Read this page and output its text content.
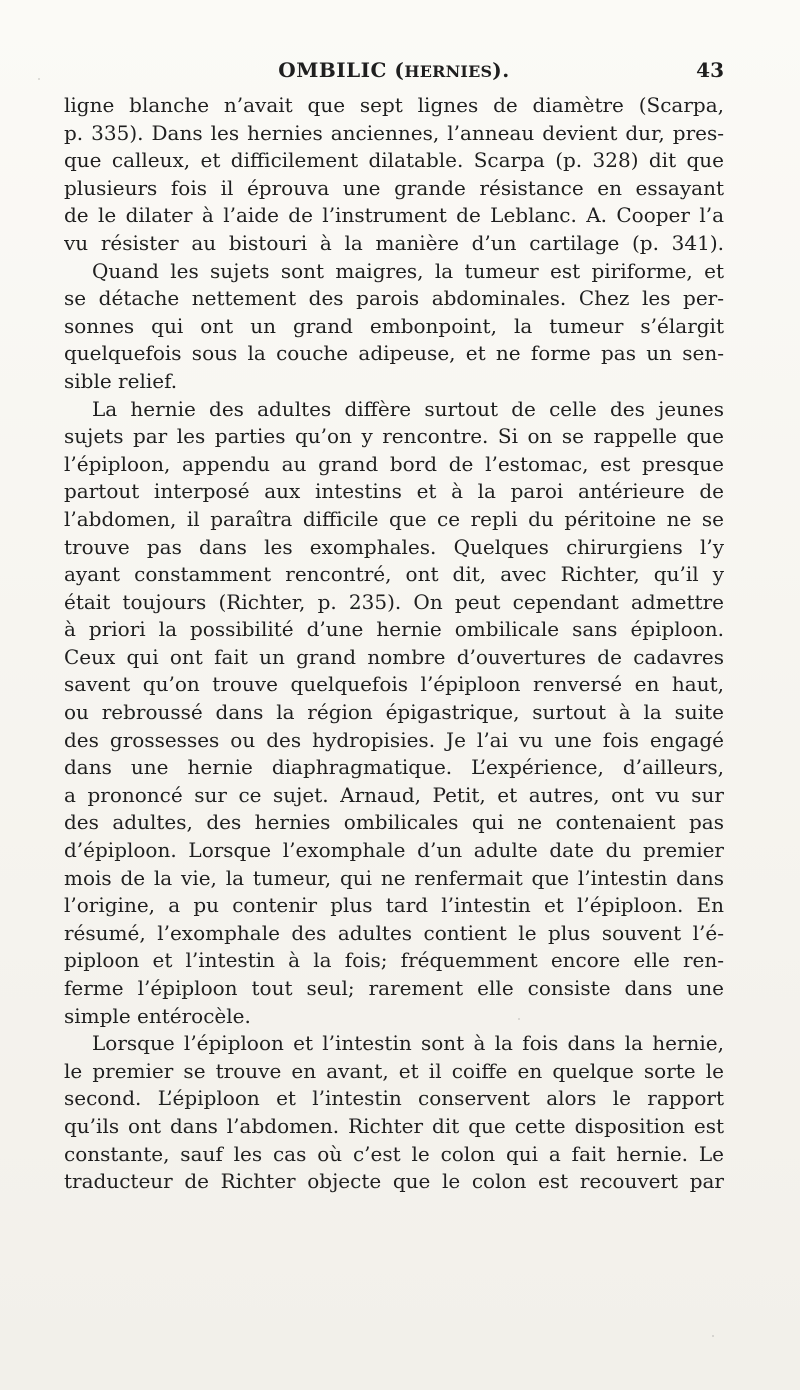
OMBILIC (HERNIES).	43
ligne blanche n’avait que sept lignes de diamètre (Scarpa,
p. 335). Dans les hernies anciennes, l’anneau devient dur, pres-
que calleux, et difficilement dilatable. Scarpa (p. 328) dit que
plusieurs fois il éprouva une grande résistance en essayant
de le dilater à l’aide de l’instrument de Leblanc. A. Cooper l’a
vu résister au bistouri à la manière d’un cartilage (p. 341).
Quand les sujets sont maigres, la tumeur est piriforme, et
se détache nettement des parois abdominales. Chez les per-
sonnes qui ont un grand embonpoint, la tumeur s’élargit
quelquefois sous la couche adipeuse, et ne forme pas un sen-
sible relief.
La hernie des adultes diffère surtout de celle des jeunes
sujets par les parties qu’on y rencontre. Si on se rappelle que
l’épiploon, appendu au grand bord de l’estomac, est presque
partout interposé aux intestins et à la paroi antérieure de
l’abdomen, il paraîtra difficile que ce repli du péritoine ne se
trouve pas dans les exomphales. Quelques chirurgiens l’y
ayant constamment rencontré, ont dit, avec Richter, qu’il y
était toujours (Richter, p. 235). On peut cependant admettre
à priori la possibilité d’une hernie ombilicale sans épiploon.
Ceux qui ont fait un grand nombre d’ouvertures de cadavres
savent qu’on trouve quelquefois l’épiploon renversé en haut,
ou rebroussé dans la région épigastrique, surtout à la suite
des grossesses ou des hydropisies. Je l’ai vu une fois engagé
dans une hernie diaphragmatique. L’expérience, d’ailleurs,
a prononcé sur ce sujet. Arnaud, Petit, et autres, ont vu sur
des adultes, des hernies ombilicales qui ne contenaient pas
d’épiploon. Lorsque l’exomphale d’un adulte date du premier
mois de la vie, la tumeur, qui ne renfermait que l’intestin dans
l’origine, a pu contenir plus tard l’intestin et l’épiploon. En
résumé, l’exomphale des adultes contient le plus souvent l’é-
piploon et l’intestin à la fois; fréquemment encore elle ren-
ferme l’épiploon tout seul; rarement elle consiste dans une
simple entérocèle.
Lorsque l’épiploon et l’intestin sont à la fois dans la hernie,
le premier se trouve en avant, et il coiffe en quelque sorte le
second. L’épiploon et l’intestin conservent alors le rapport
qu’ils ont dans l’abdomen. Richter dit que cette disposition est
constante, sauf les cas où c’est le colon qui a fait hernie. Le
traducteur de Richter objecte que le colon est recouvert par
